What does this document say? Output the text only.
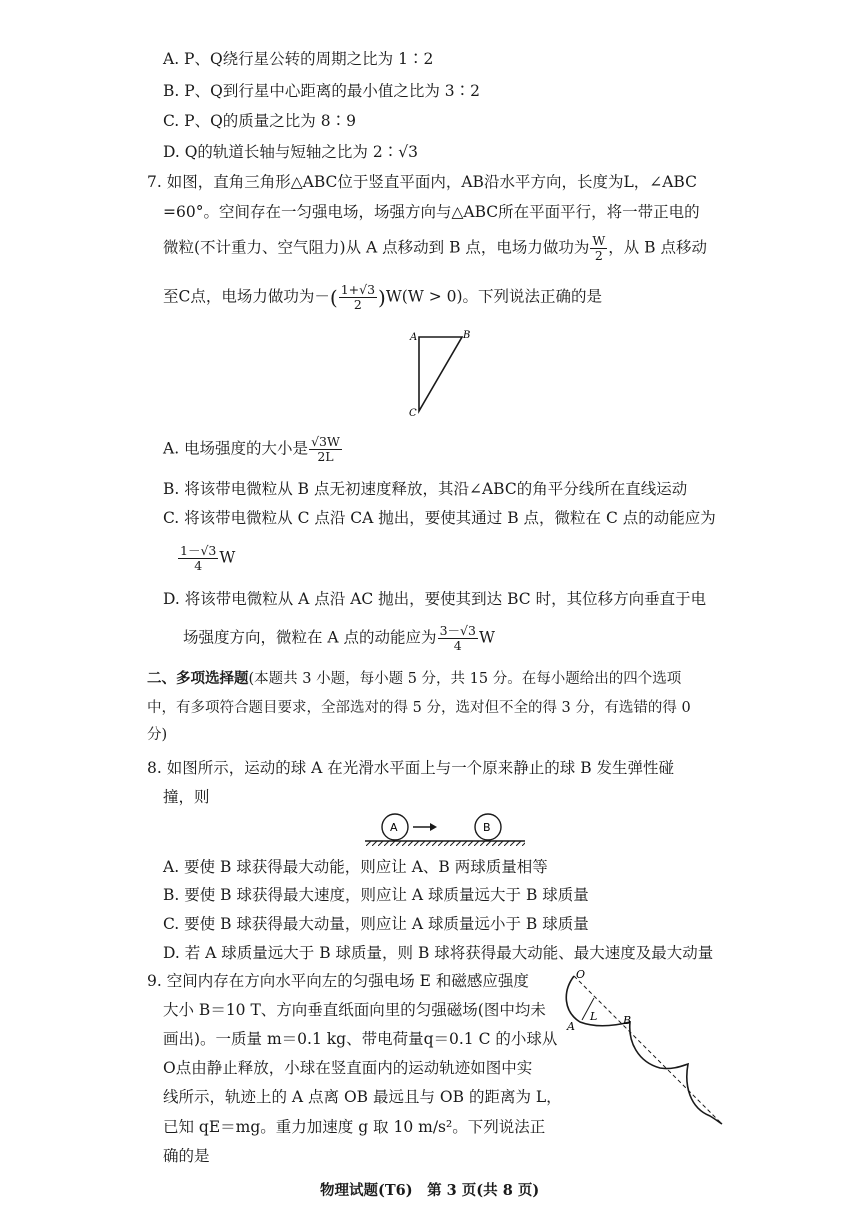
A. P、Q绕行星公转的周期之比为 1∶2
B. P、Q到行星中心距离的最小值之比为 3∶2
C. P、Q的质量之比为 8∶9
D. Q的轨道长轴与短轴之比为 2∶√3
7. 如图，直角三角形△ABC位于竖直平面内，AB沿水平方向，长度为L，∠ABC
=60°。空间存在一匀强电场，场强方向与△ABC所在平面平行，将一带正电的
微粒(不计重力、空气阻力)从 A 点移动到 B 点，电场力做功为 $\frac{W}{2}$ ，从 B 点移动
至C点，电场力做功为－( $\frac{1+√3}{2} )W(W > 0)$。下列说法正确的是
A	B
C
A. 电场强度的大小是 $\frac{√3W}{2L}$
B. 将该带电微粒从 B 点无初速度释放，其沿∠ABC的角平分线所在直线运动
C. 将该带电微粒从 C 点沿 CA 抛出，要使其通过 B 点，微粒在 C 点的动能应为
$\frac{1-√3}{4}$ W
D. 将该带电微粒从 A 点沿 AC 抛出，要使其到达 BC 时，其位移方向垂直于电
场强度方向，微粒在 A 点的动能应为 $\frac{3-√3}{4}$ W
二、多项选择题(本题共 3 小题，每小题 5 分，共 15 分。在每小题给出的四个选项
中，有多项符合题目要求，全部选对的得 5 分，选对但不全的得 3 分，有选错的得 0
分)
8. 如图所示，运动的球 A 在光滑水平面上与一个原来静止的球 B 发生弹性碰
撞，则
A	B
A. 要使 B 球获得最大动能，则应让 A、B 两球质量相等
B. 要使 B 球获得最大速度，则应让 A 球质量远大于 B 球质量
C. 要使 B 球获得最大动量，则应让 A 球质量远小于 B 球质量
D. 若 A 球质量远大于 B 球质量，则 B 球将获得最大动能、最大速度及最大动量
9. 空间内存在方向水平向左的匀强电场 E 和磁感应强度
大小 B＝10 T、方向垂直纸面向里的匀强磁场(图中均未
画出)。一质量 m＝0.1 kg、带电荷量q＝0.1 C 的小球从
O点由静止释放，小球在竖直面内的运动轨迹如图中实
线所示，轨迹上的 A 点离 OB 最远且与 OB 的距离为 L，
已知 qE＝mg。重力加速度 g 取 10 m/s²。下列说法正
确的是
O
A
L B
物理试题(T6)　第 3 页(共 8 页)
